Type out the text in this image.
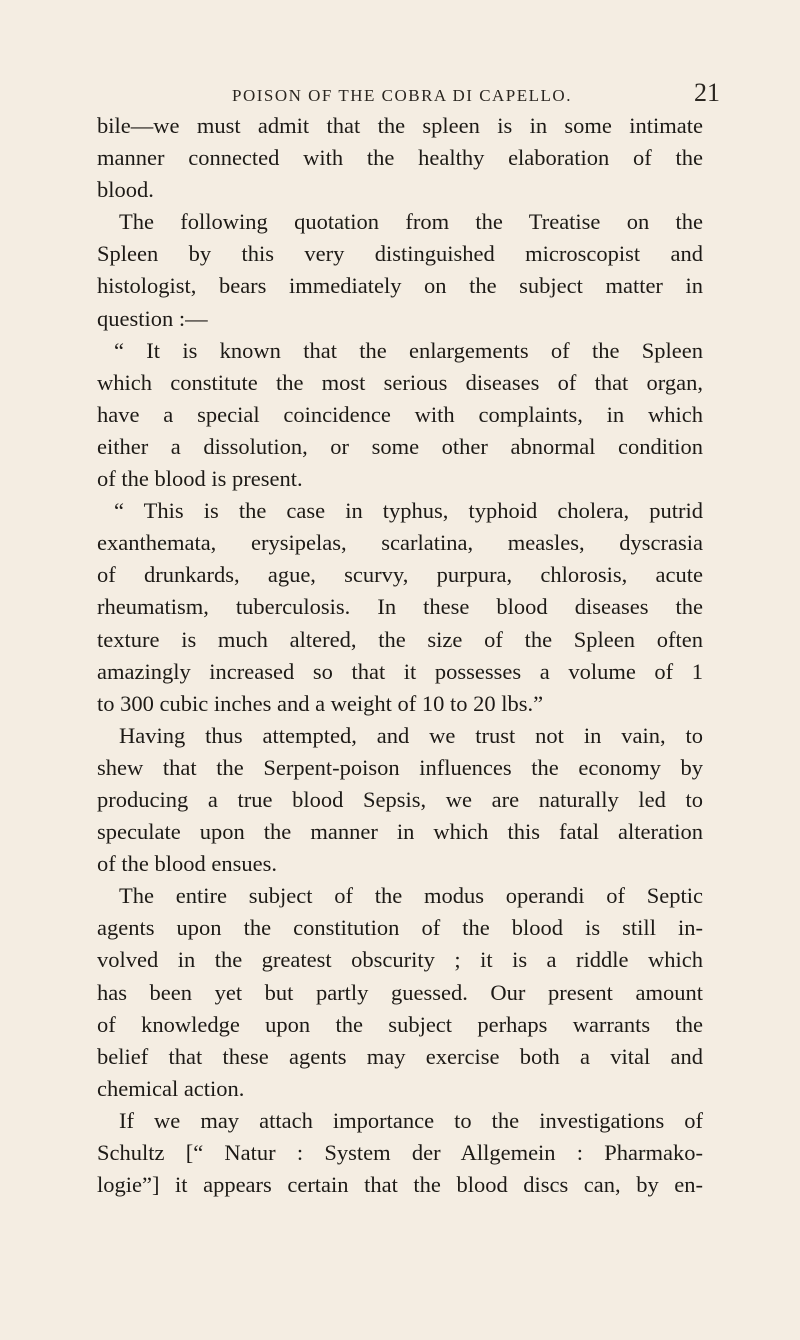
POISON OF THE COBRA DI CAPELLO.	21
bile—we must admit that the spleen is in some intimate
manner connected with the healthy elaboration of the
blood.
The following quotation from the Treatise on the
Spleen by this very distinguished microscopist and
histologist, bears immediately on the subject matter in
question :—
“ It is known that the enlargements of the Spleen
which constitute the most serious diseases of that organ,
have a special coincidence with complaints, in which
either a dissolution, or some other abnormal condition
of the blood is present.
“ This is the case in typhus, typhoid cholera, putrid
exanthemata, erysipelas, scarlatina, measles, dyscrasia
of drunkards, ague, scurvy, purpura, chlorosis, acute
rheumatism, tuberculosis. In these blood diseases the
texture is much altered, the size of the Spleen often
amazingly increased so that it possesses a volume of 1
to 300 cubic inches and a weight of 10 to 20 lbs.”
Having thus attempted, and we trust not in vain, to
shew that the Serpent-poison influences the economy by
producing a true blood Sepsis, we are naturally led to
speculate upon the manner in which this fatal alteration
of the blood ensues.
The entire subject of the modus operandi of Septic
agents upon the constitution of the blood is still in-
volved in the greatest obscurity ; it is a riddle which
has been yet but partly guessed. Our present amount
of knowledge upon the subject perhaps warrants the
belief that these agents may exercise both a vital and
chemical action.
If we may attach importance to the investigations of
Schultz [“ Natur : System der Allgemein : Pharmako-
logie”] it appears certain that the blood discs can, by en-
